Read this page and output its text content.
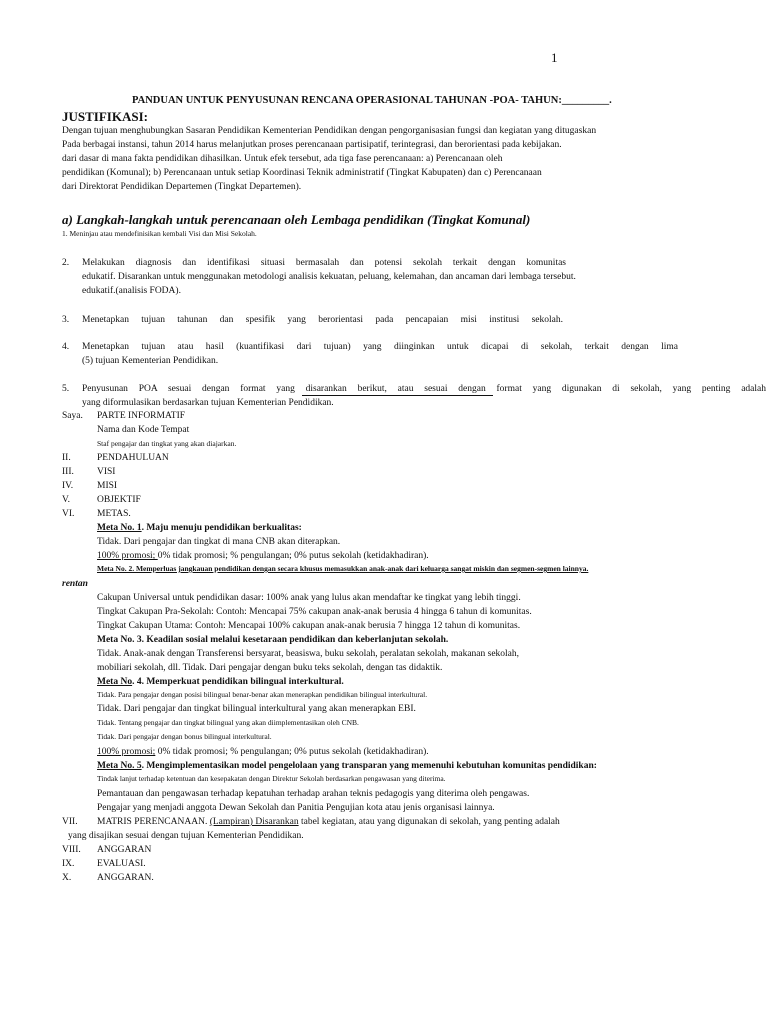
1
PANDUAN UNTUK PENYUSUNAN RENCANA OPERASIONAL TAHUNAN -POA- TAHUN:_________.
JUSTIFIKASI:
Dengan tujuan menghubungkan Sasaran Pendidikan Kementerian Pendidikan dengan pengorganisasian fungsi dan kegiatan yang ditugaskan
Pada berbagai instansi, tahun 2014 harus melanjutkan proses perencanaan partisipatif, terintegrasi, dan berorientasi pada kebijakan.
dari dasar di mana fakta pendidikan dihasilkan. Untuk efek tersebut, ada tiga fase perencanaan: a) Perencanaan oleh
pendidikan (Komunal); b) Perencanaan untuk setiap Koordinasi Teknik administratif (Tingkat Kabupaten) dan c) Perencanaan
dari Direktorat Pendidikan Departemen (Tingkat Departemen).
a) Langkah-langkah untuk perencanaan oleh Lembaga pendidikan (Tingkat Komunal)
1. Meninjau atau mendefinisikan kembali Visi dan Misi Sekolah.
2. Melakukan diagnosis dan identifikasi situasi bermasalah dan potensi sekolah terkait dengan komunitas
edukatif. Disarankan untuk menggunakan metodologi analisis kekuatan, peluang, kelemahan, dan ancaman dari lembaga tersebut.
edukatif.(analisis FODA).
3. Menetapkan tujuan tahunan dan spesifik yang berorientasi pada pencapaian misi institusi sekolah.
4. Menetapkan tujuan atau hasil (kuantifikasi dari tujuan) yang diinginkan untuk dicapai di sekolah, terkait dengan lima
(5) tujuan Kementerian Pendidikan.
5. Penyusunan POA sesuai dengan format yang disarankan berikut, atau sesuai dengan format yang digunakan di sekolah, yang penting adalah
yang diformulasikan berdasarkan tujuan Kementerian Pendidikan.
Saya. PARTE INFORMATIF
Nama dan Kode Tempat
Staf pengajar dan tingkat yang akan diajarkan.
II.	PENDAHULUAN
III. VISI
IV.	MISI
V.	OBJEKTIF
VI. METAS.
Meta No. 1. Maju menuju pendidikan berkualitas:
Tidak. Dari pengajar dan tingkat di mana CNB akan diterapkan.
100% promosi; 0% tidak promosi; % pengulangan; 0% putus sekolah (ketidakhadiran).
Meta No. 2. Memperluas jangkauan pendidikan dengan secara khusus memasukkan anak-anak dari keluarga sangat miskin dan segmen-segmen lainnya.
rentan
Cakupan Universal untuk pendidikan dasar: 100% anak yang lulus akan mendaftar ke tingkat yang lebih tinggi.
Tingkat Cakupan Pra-Sekolah: Contoh: Mencapai 75% cakupan anak-anak berusia 4 hingga 6 tahun di komunitas.
Tingkat Cakupan Utama: Contoh: Mencapai 100% cakupan anak-anak berusia 7 hingga 12 tahun di komunitas.
Meta No. 3. Keadilan sosial melalui kesetaraan pendidikan dan keberlanjutan sekolah.
Tidak. Anak-anak dengan Transferensi bersyarat, beasiswa, buku sekolah, peralatan sekolah, makanan sekolah,
mobiliari sekolah, dll. Tidak. Dari pengajar dengan buku teks sekolah, dengan tas didaktik.
Meta No. 4. Memperkuat pendidikan bilingual interkultural.
Tidak. Para pengajar dengan posisi bilingual benar-benar akan menerapkan pendidikan bilingual interkultural.
Tidak. Dari pengajar dan tingkat bilingual interkultural yang akan menerapkan EBI.
Tidak. Tentang pengajar dan tingkat bilingual yang akan diimplementasikan oleh CNB.
Tidak. Dari pengajar dengan bonus bilingual interkultural.
100% promosi; 0% tidak promosi; % pengulangan; 0% putus sekolah (ketidakhadiran).
Meta No. 5. Mengimplementasikan model pengelolaan yang transparan yang memenuhi kebutuhan komunitas pendidikan:
Tindak lanjut terhadap ketentuan dan kesepakatan dengan Direktur Sekolah berdasarkan pengawasan yang diterima.
Pemantauan dan pengawasan terhadap kepatuhan terhadap arahan teknis pedagogis yang diterima oleh pengawas.
Pengajar yang menjadi anggota Dewan Sekolah dan Panitia Pengujian kota atau jenis organisasi lainnya.
VII. MATRIS PERENCANAAN. (Lampiran) Disarankan tabel kegiatan, atau yang digunakan di sekolah, yang penting adalah
yang disajikan sesuai dengan tujuan Kementerian Pendidikan.
VIII. ANGGARAN
IX. EVALUASI.
X.	ANGGARAN.
